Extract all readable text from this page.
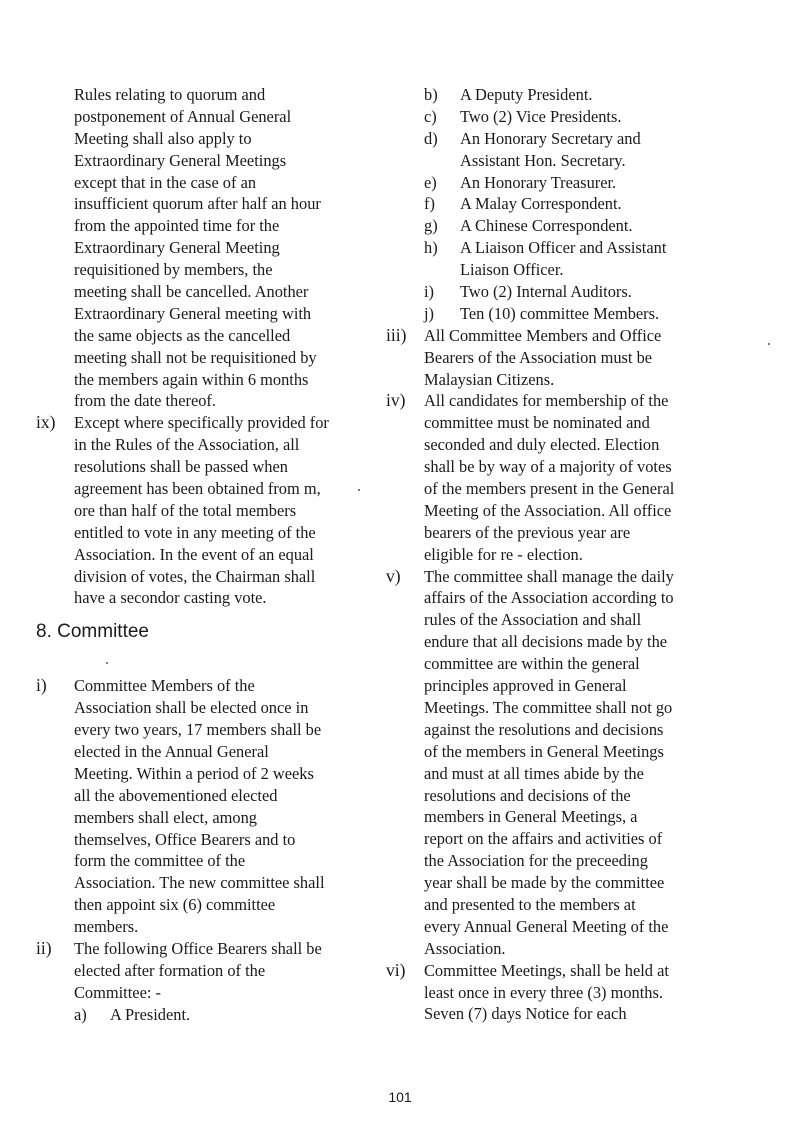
Rules relating to quorum and
postponement of Annual General
Meeting shall also apply to
Extraordinary General Meetings
except that in the case of an
insufficient quorum after half an hour
from the appointed time for the
Extraordinary General Meeting
requisitioned by members, the
meeting shall be cancelled. Another
Extraordinary General meeting with
the same objects as the cancelled
meeting shall not be requisitioned by
the members again within 6 months
from the date thereof.
ix)	Except where specifically provided for
in the Rules of the Association, all
resolutions shall be passed when
agreement has been obtained from m,
ore than half of the total members
entitled to vote in any meeting of the
Association. In the event of an equal
division of votes, the Chairman shall
have a secondor casting vote.
8. Committee
i)	Committee Members of the
Association shall be elected once in
every two years, 17 members shall be
elected in the Annual General
Meeting. Within a period of 2 weeks
all the abovementioned elected
members shall elect, among
themselves, Office Bearers and to
form the committee of the
Association. The new committee shall
then appoint six (6) committee
members.
ii)	The following Office Bearers shall be
elected after formation of the
Committee: -
a)	A President.
b)	A Deputy President.
c)	Two (2) Vice Presidents.
d)	An Honorary Secretary and
Assistant Hon. Secretary.
e)	An Honorary Treasurer.
f)	A Malay Correspondent.
g)	A Chinese Correspondent.
h)	A Liaison Officer and Assistant
Liaison Officer.
i)	Two (2) Internal Auditors.
j)	Ten (10) committee Members.
iii)	All Committee Members and Office
Bearers of the Association must be
Malaysian Citizens.
iv)	All candidates for membership of the
committee must be nominated and
seconded and duly elected. Election
shall be by way of a majority of votes
of the members present in the General
Meeting of the Association. All office
bearers of the previous year are
eligible for re - election.
v)	The committee shall manage the daily
affairs of the Association according to
rules of the Association and shall
endure that all decisions made by the
committee are within the general
principles approved in General
Meetings. The committee shall not go
against the resolutions and decisions
of the members in General Meetings
and must at all times abide by the
resolutions and decisions of the
members in General Meetings, a
report on the affairs and activities of
the Association for the preceeding
year shall be made by the committee
and presented to the members at
every Annual General Meeting of the
Association.
vi)	Committee Meetings, shall be held at
least once in every three (3) months.
Seven (7) days Notice for each
101
